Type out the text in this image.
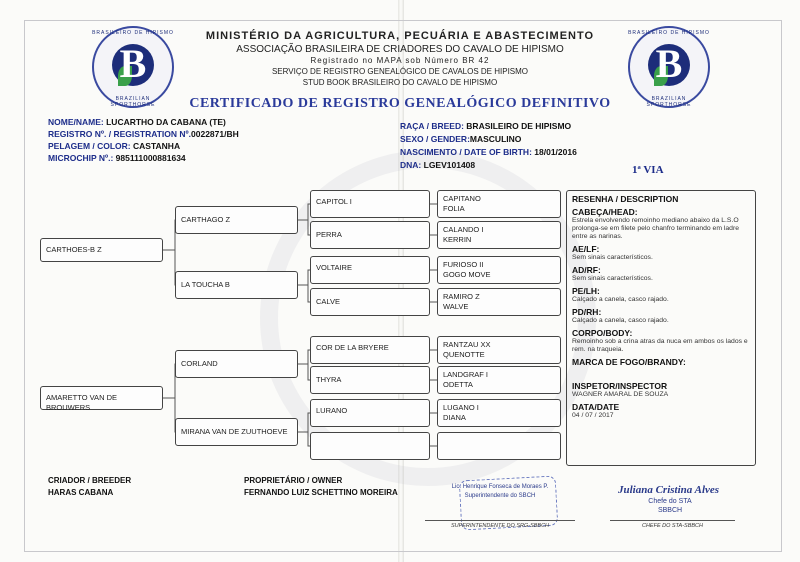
BRASILEIRO DE HIPISMO
B
BRAZILIAN SPORTHORSE
BRASILEIRO DE HIPISMO
B
BRAZILIAN SPORTHORSE
MINISTÉRIO DA AGRICULTURA, PECUÁRIA E ABASTECIMENTO
ASSOCIAÇÃO BRASILEIRA DE CRIADORES DO CAVALO DE HIPISMO
Registrado no MAPA sob Número BR 42
SERVIÇO DE REGISTRO GENEALÓGICO DE CAVALOS DE HIPISMO
STUD BOOK BRASILEIRO DO CAVALO DE HIPISMO
CERTIFICADO DE REGISTRO GENEALÓGICO DEFINITIVO
NOME/NAME: LUCARTHO DA CABANA (TE)
REGISTRO Nº. / REGISTRATION Nº.0022871/BH
PELAGEM / COLOR: CASTANHA
MICROCHIP Nº.: 985111000881634
RAÇA / BREED: BRASILEIRO DE HIPISMO
SEXO / GENDER:MASCULINO
NASCIMENTO / DATE OF BIRTH: 18/01/2016
DNA: LGEV101408	1ª VIA
CARTHOES-B Z
AMARETTO VAN DE BROUWERS
CARTHAGO Z
LA TOUCHA B
CORLAND
MIRANA VAN DE ZUUTHOEVE
CAPITOL I
PERRA
VOLTAIRE
CALVE
COR DE LA BRYERE
THYRA
LURANO
CAPITANO
FOLIA
CALANDO I
KERRIN
FURIOSO II
GOGO MOVE
RAMIRO Z
WALVE
RANTZAU XX
QUENOTTE
LANDGRAF I
ODETTA
LUGANO I
DIANA
RESENHA / DESCRIPTION
CABEÇA/HEAD:
Estrela envolvendo remoinho mediano abaixo da L.S.O prolonga-se em filete pelo chanfro terminando em ladre entre as narinas.
AE/LF:
Sem sinais característicos.
AD/RF:
Sem sinais característicos.
PE/LH:
Calçado a canela, casco rajado.
PD/RH:
Calçado a canela, casco rajado.
CORPO/BODY:
Remoinho sob a crina atras da nuca em ambos os lados e rem. na traqueia.
MARCA DE FOGO/BRANDY:
INSPETOR/INSPECTOR
WAGNER AMARAL DE SOUZA
DATA/DATE
04 / 07 / 2017
CRIADOR / BREEDER
HARAS CABANA
PROPRIETÁRIO / OWNER
FERNANDO LUIZ SCHETTINO MOREIRA
Lic. Henrique Fonseca de Moraes P.
Superintendente do SBCH
SUPERINTENDENTE DO SRG-SBBCH
Juliana Cristina Alves
Chefe do STA
SBBCH
CHEFE DO STA-SBBCH
